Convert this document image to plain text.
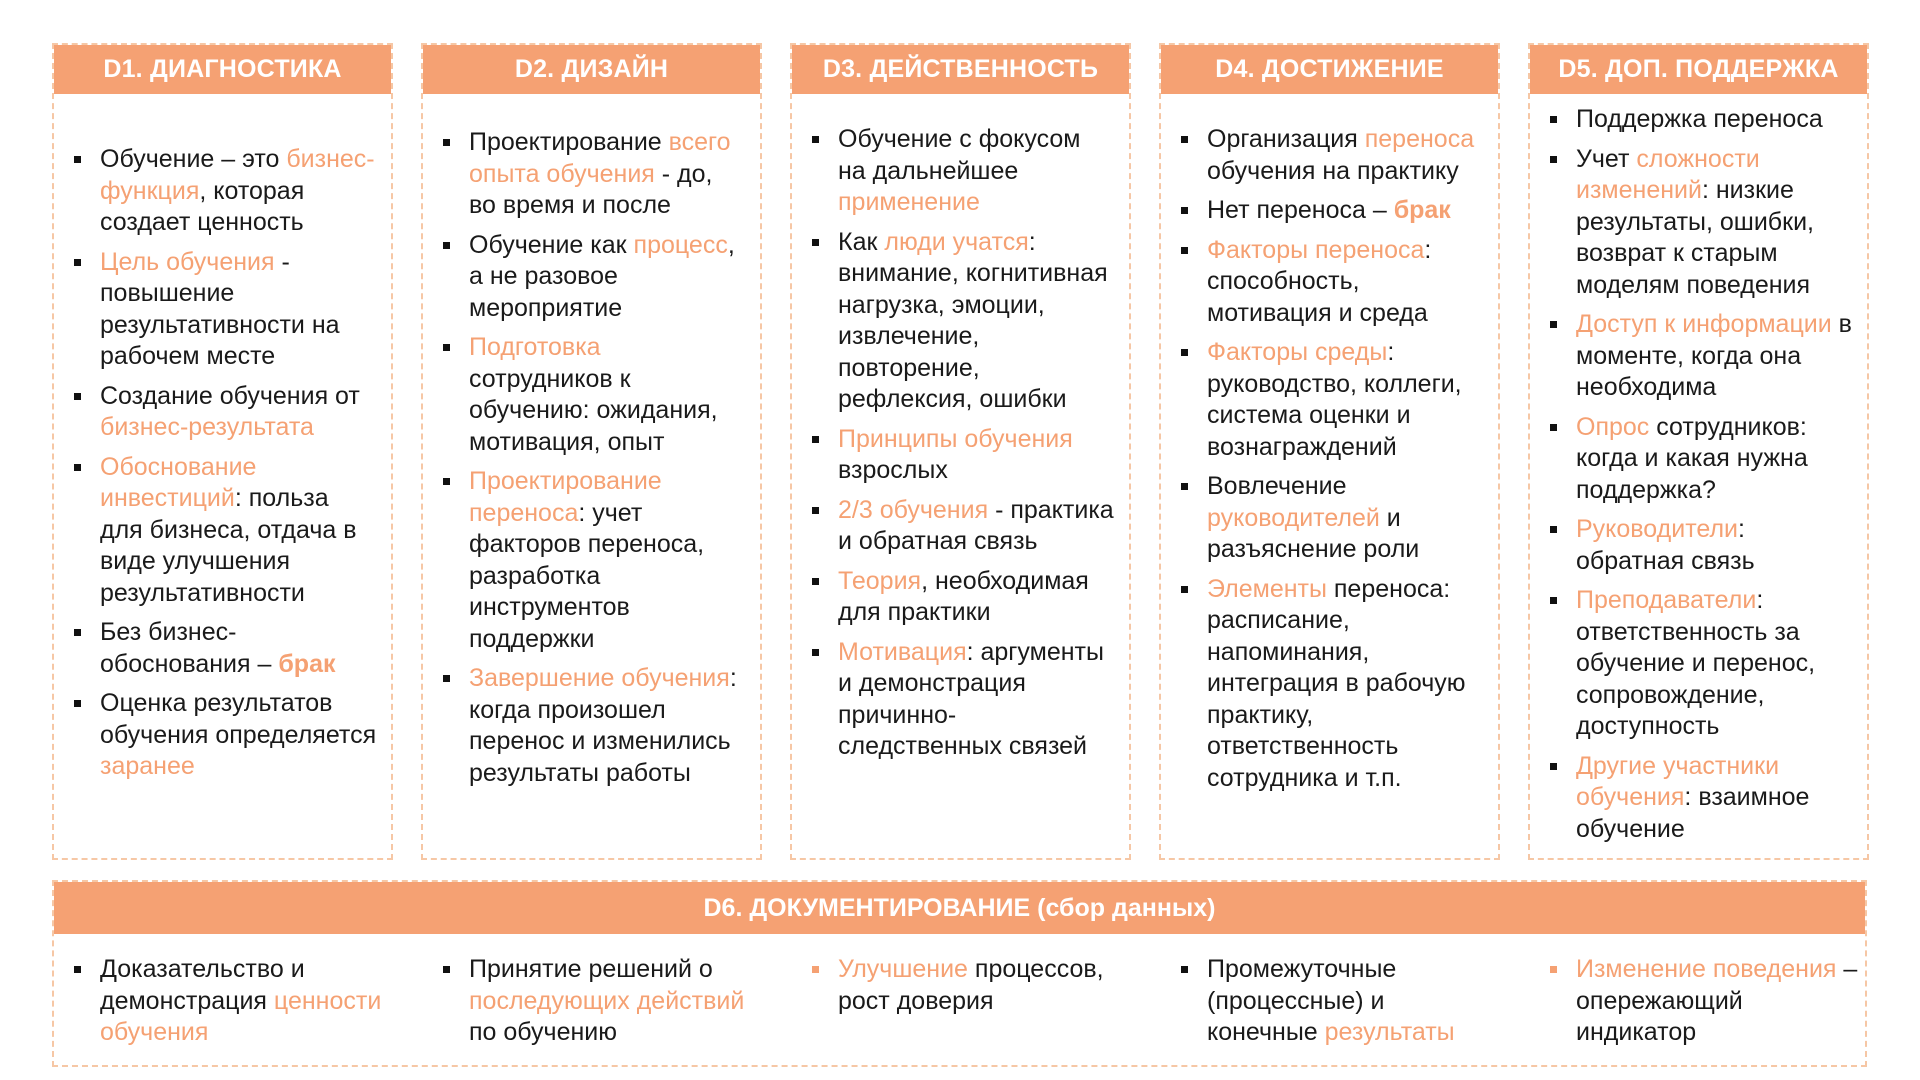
D1. ДИАГНОСТИКА
Обучение – это бизнес-функция, которая создает ценность
Цель обучения - повышение результативности на рабочем месте
Создание обучения от бизнес-результата
Обоснование инвестиций: польза для бизнеса, отдача в виде улучшения результативности
Без бизнес-обоснования – брак
Оценка результатов обучения определяется заранее
D2. ДИЗАЙН
Проектирование всего опыта обучения - до, во время и после
Обучение как процесс, а не разовое мероприятие
Подготовка сотрудников к обучению: ожидания, мотивация, опыт
Проектирование переноса: учет факторов переноса, разработка инструментов поддержки
Завершение обучения: когда произошел перенос и изменились результаты работы
D3. ДЕЙСТВЕННОСТЬ
Обучение с фокусом на дальнейшее применение
Как люди учатся: внимание, когнитивная нагрузка, эмоции, извлечение, повторение, рефлексия, ошибки
Принципы обучения взрослых
2/3 обучения - практика и обратная связь
Теория, необходимая для практики
Мотивация: аргументы и демонстрация причинно-следственных связей
D4. ДОСТИЖЕНИЕ
Организация переноса обучения на практику
Нет переноса – брак
Факторы переноса: способность, мотивация и среда
Факторы среды: руководство, коллеги, система оценки и вознаграждений
Вовлечение руководителей и разъяснение роли
Элементы переноса: расписание, напоминания, интеграция в рабочую практику, ответственность сотрудника и т.п.
D5. ДОП. ПОДДЕРЖКА
Поддержка переноса
Учет сложности изменений: низкие результаты, ошибки, возврат к старым моделям поведения
Доступ к информации в моменте, когда она необходима
Опрос сотрудников: когда и какая нужна поддержка?
Руководители: обратная связь
Преподаватели: ответственность за обучение и перенос, сопровождение, доступность
Другие участники обучения: взаимное обучение
D6. ДОКУМЕНТИРОВАНИЕ (сбор данных)
Доказательство и демонстрация ценности обучения
Принятие решений о последующих действий по обучению
Улучшение процессов, рост доверия
Промежуточные (процессные) и конечные результаты
Изменение поведения – опережающий индикатор
